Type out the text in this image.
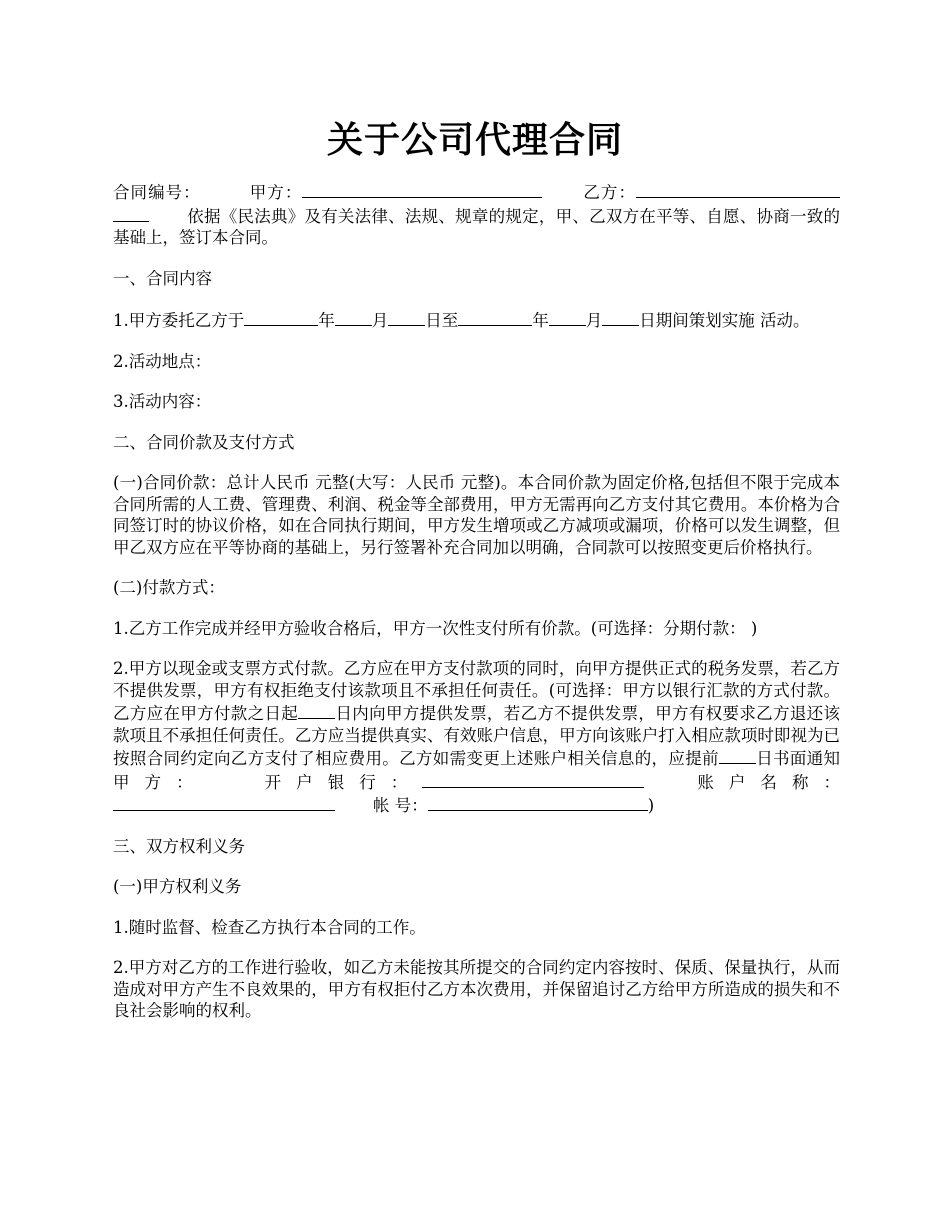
关于公司代理合同

合同编号：	甲方：	乙方：依据《民法典》及有关法律、法规、规章的规定，甲、乙双方在平等、自愿、协商一致的基础上，签订本合同。

一、合同内容

1.甲方委托乙方于	年 月 日至	年 月 日期间策划实施 活动。

2.活动地点：

3.活动内容：

二、合同价款及支付方式

(一)合同价款：总计人民币 元整(大写：人民币 元整)。本合同价款为固定价格,包括但不限于完成本合同所需的人工费、管理费、利润、税金等全部费用，甲方无需再向乙方支付其它费用。本价格为合同签订时的协议价格，如在合同执行期间，甲方发生增项或乙方减项或漏项，价格可以发生调整，但甲乙双方应在平等协商的基础上，另行签署补充合同加以明确，合同款可以按照变更后价格执行。

(二)付款方式：

1.乙方工作完成并经甲方验收合格后，甲方一次性支付所有价款。(可选择：分期付款： )

2.甲方以现金或支票方式付款。乙方应在甲方支付款项的同时，向甲方提供正式的税务发票，若乙方不提供发票，甲方有权拒绝支付该款项且不承担任何责任。(可选择：甲方以银行汇款的方式付款。乙方应在甲方付款之日起 日内向甲方提供发票，若乙方不提供发票，甲方有权要求乙方退还该款项且不承担任何责任。乙方应当提供真实、有效账户信息，甲方向该账户打入相应款项时即视为已按照合同约定向乙方支付了相应费用。乙方如需变更上述账户相关信息的，应提前 日书面通知甲方：	开户银行：	账户名称：帐 号：	)

三、双方权利义务

(一)甲方权利义务

1.随时监督、检查乙方执行本合同的工作。

2.甲方对乙方的工作进行验收，如乙方未能按其所提交的合同约定内容按时、保质、保量执行，从而造成对甲方产生不良效果的，甲方有权拒付乙方本次费用，并保留追讨乙方给甲方所造成的损失和不良社会影响的权利。
